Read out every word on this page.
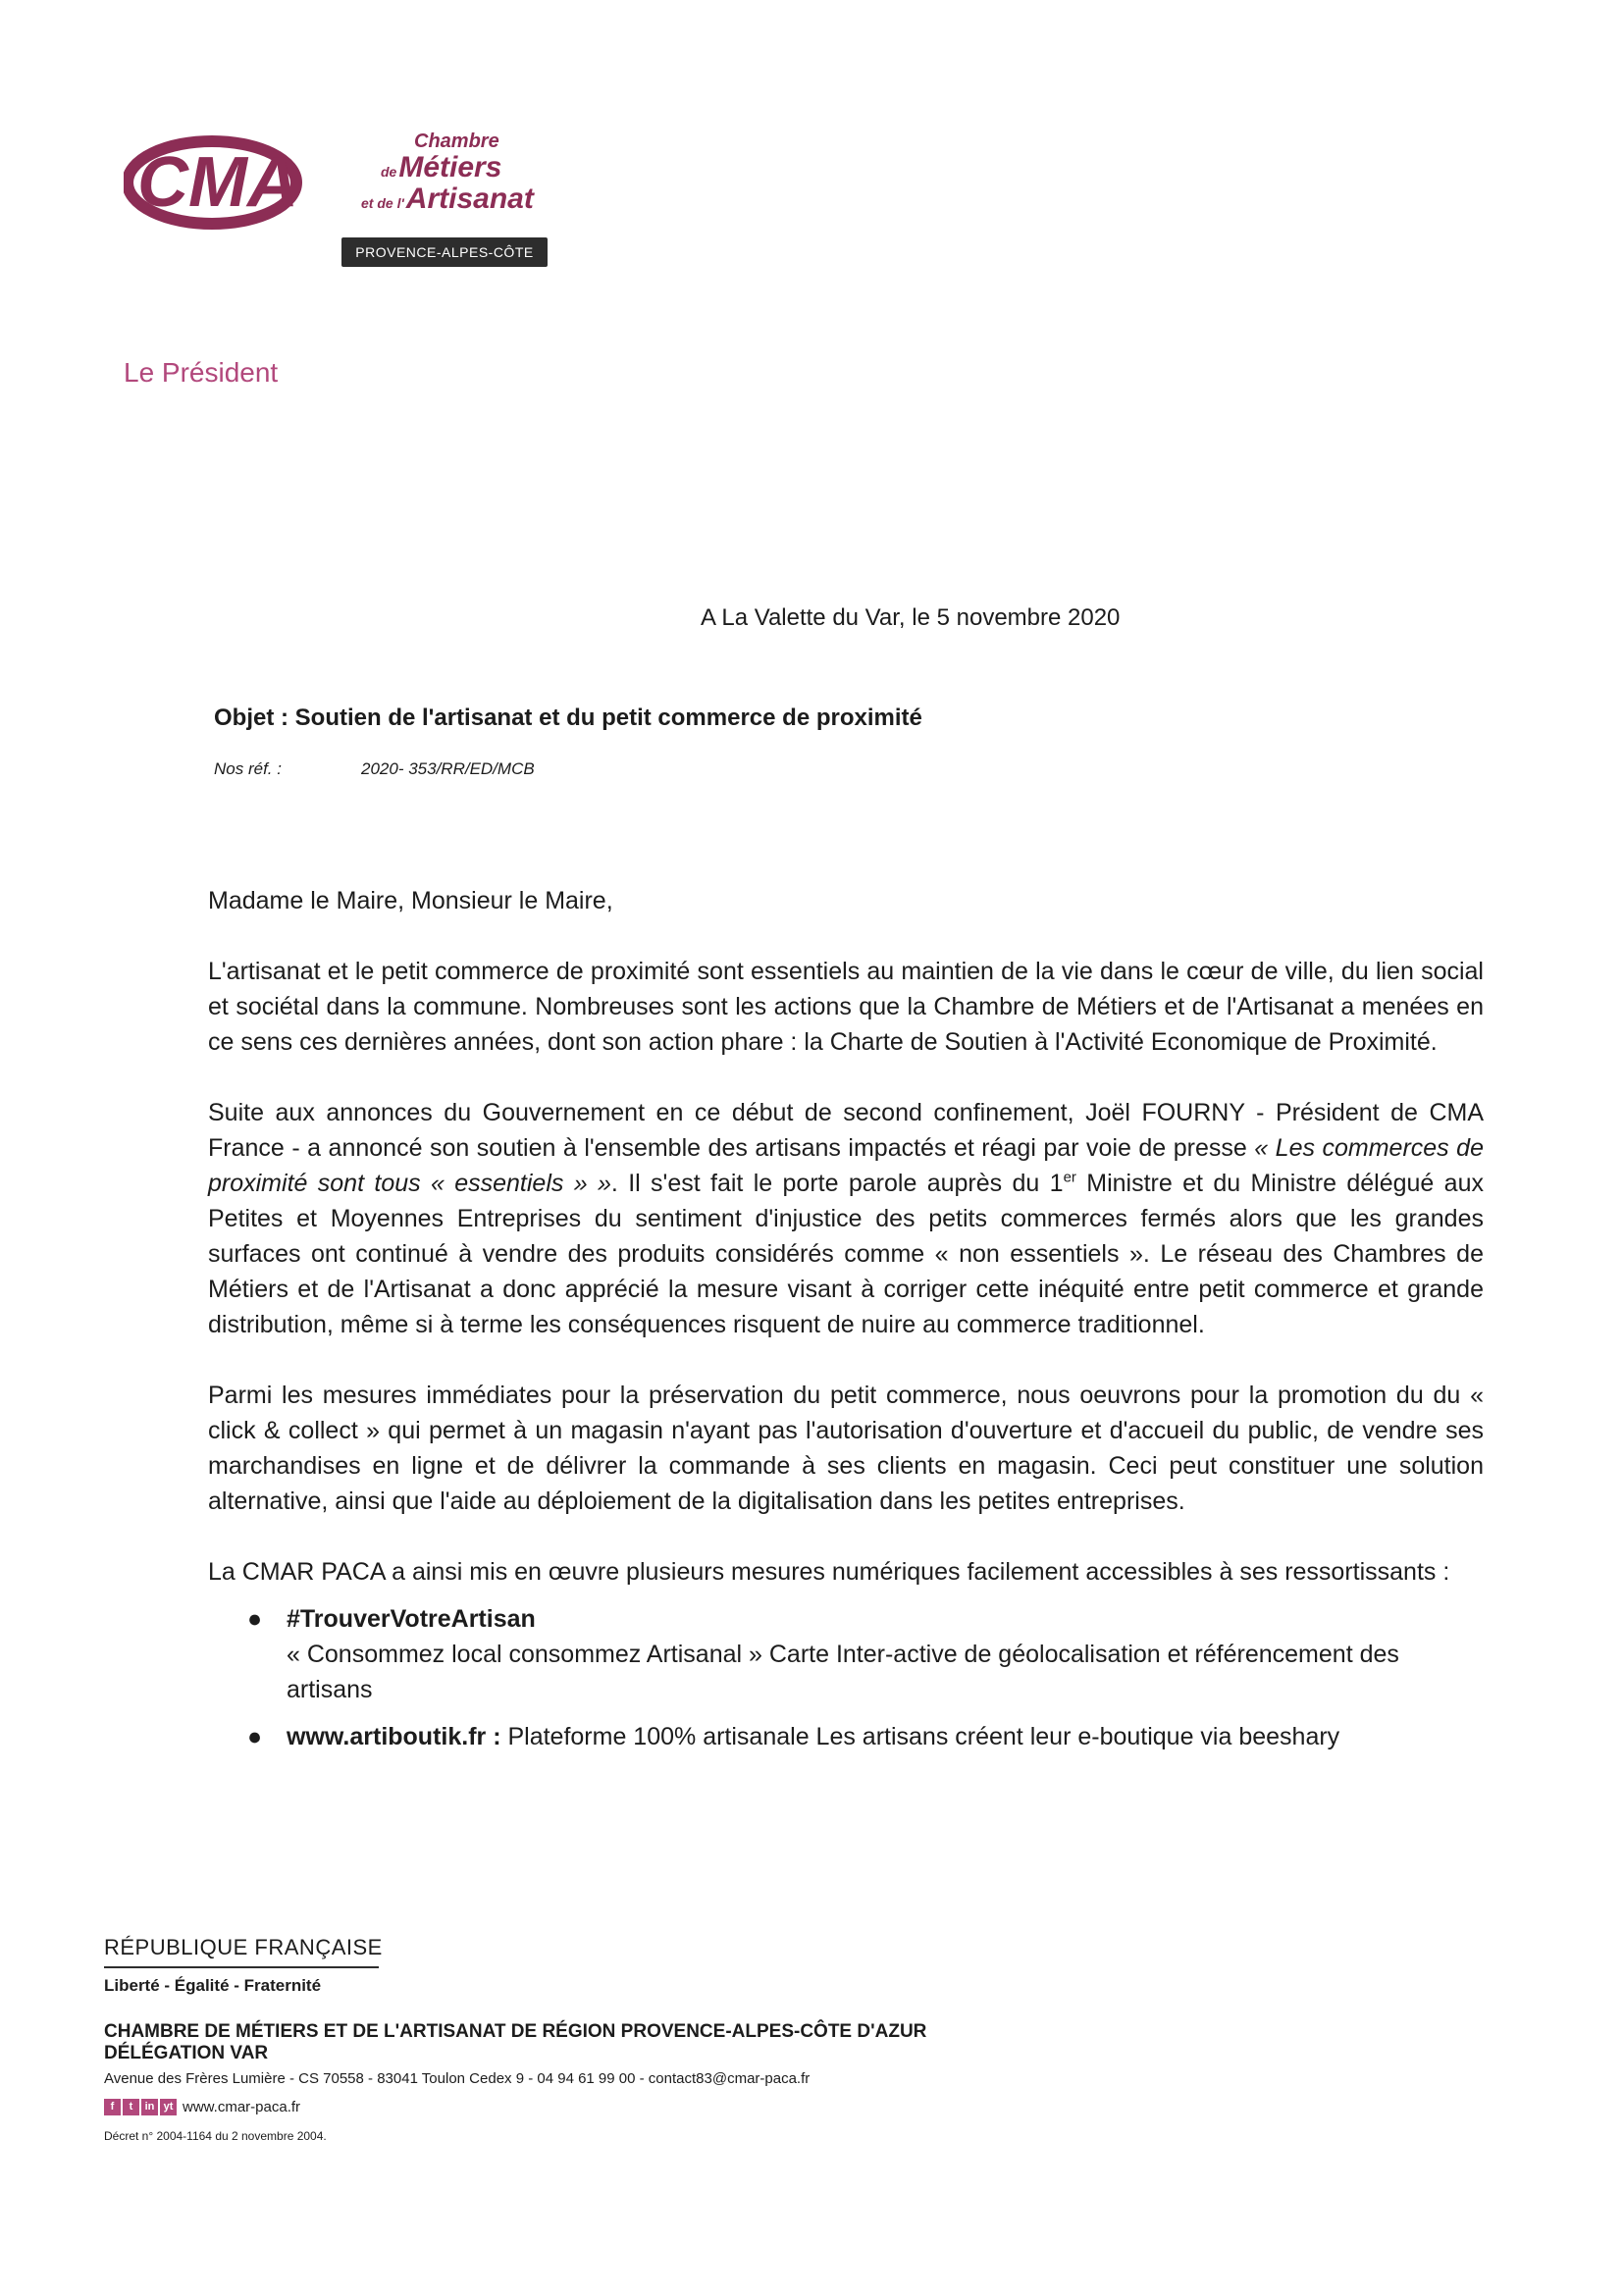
CMA
Chambre
deMétiers
et de l'Artisanat
PROVENCE-ALPES-CÔTE D'AZUR
Le Président
A La Valette du Var, le 5 novembre 2020
Objet : Soutien de l'artisanat et du petit commerce de proximité
Nos réf. :	2020- 353/RR/ED/MCB

Madame le Maire, Monsieur le Maire,

L'artisanat et le petit commerce de proximité sont essentiels au maintien de la vie dans le cœur de ville, du lien social et sociétal dans la commune. Nombreuses sont les actions que la Chambre de Métiers et de l'Artisanat a menées en ce sens ces dernières années, dont son action phare : la Charte de Soutien à l'Activité Economique de Proximité.

Suite aux annonces du Gouvernement en ce début de second confinement, Joël FOURNY - Président de CMA France - a annoncé son soutien à l'ensemble des artisans impactés et réagi par voie de presse « Les commerces de proximité sont tous « essentiels » ». Il s'est fait le porte parole auprès du 1er Ministre et du Ministre délégué aux Petites et Moyennes Entreprises du sentiment d'injustice des petits commerces fermés alors que les grandes surfaces ont continué à vendre des produits considérés comme « non essentiels ». Le réseau des Chambres de Métiers et de l'Artisanat a donc apprécié la mesure visant à corriger cette inéquité entre petit commerce et grande distribution, même si à terme les conséquences risquent de nuire au commerce traditionnel.

Parmi les mesures immédiates pour la préservation du petit commerce, nous oeuvrons pour la promotion du du « click & collect » qui permet à un magasin n'ayant pas l'autorisation d'ouverture et d'accueil du public, de vendre ses marchandises en ligne et de délivrer la commande à ses clients en magasin. Ceci peut constituer une solution alternative, ainsi que l'aide au déploiement de la digitalisation dans les petites entreprises.

La CMAR PACA a ainsi mis en œuvre plusieurs mesures numériques facilement accessibles à ses ressortissants :

● #TrouverVotreArtisan
« Consommez local consommez Artisanal » Carte Inter-active de géolocalisation et référencement des artisans
● www.artiboutik.fr : Plateforme 100% artisanale Les artisans créent leur e-boutique via beeshary
RÉPUBLIQUE FRANÇAISE
Liberté - Égalité - Fraternité
CHAMBRE DE MÉTIERS ET DE L'ARTISANAT DE RÉGION PROVENCE-ALPES-CÔTE D'AZUR
DÉLÉGATION VAR
Avenue des Frères Lumière - CS 70558 - 83041 Toulon Cedex 9 - 04 94 61 99 00 - contact83@cmar-paca.fr
f	t	in yt www.cmar-paca.fr
Décret n° 2004-1164 du 2 novembre 2004.
